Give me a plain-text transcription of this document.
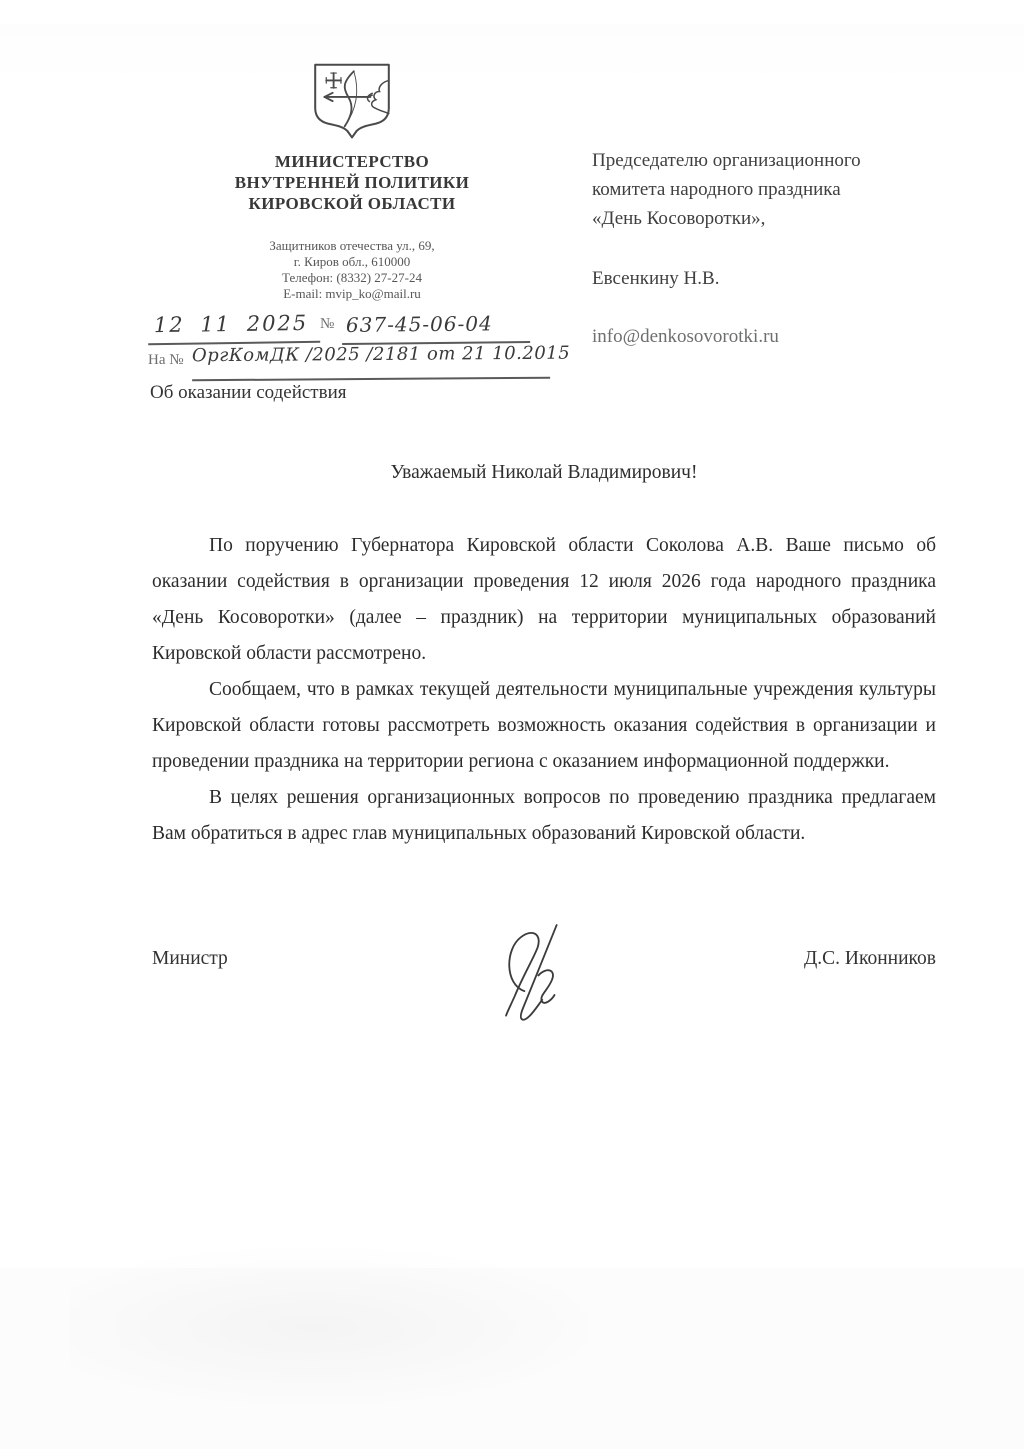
МИНИСТЕРСТВО
ВНУТРЕННЕЙ ПОЛИТИКИ
КИРОВСКОЙ ОБЛАСТИ
Защитников отечества ул., 69,
г. Киров обл., 610000
Телефон: (8332) 27-27-24
E-mail: mvip_ko@mail.ru
Председателю организационного
комитета народного праздника
«День Косоворотки»,
Евсенкину Н.В.
info@denkosovorotki.ru
12 11 2025 № 637-45-06-04
На № ОргКомДК /2025 /2181 от 21 10.2015
Об оказании содействия
Уважаемый Николай Владимирович!

По поручению Губернатора Кировской области Соколова А.В. Ваше письмо об оказании содействия в организации проведения 12 июля 2026 года народного праздника «День Косоворотки» (далее – праздник) на территории муниципальных образований Кировской области рассмотрено.

Сообщаем, что в рамках текущей деятельности муниципальные учреждения культуры Кировской области готовы рассмотреть возможность оказания содействия в организации и проведении праздника на территории региона с оказанием информационной поддержки.

В целях решения организационных вопросов по проведению праздника предлагаем Вам обратиться в адрес глав муниципальных образований Кировской области.

Министр	Д.С. Иконников
